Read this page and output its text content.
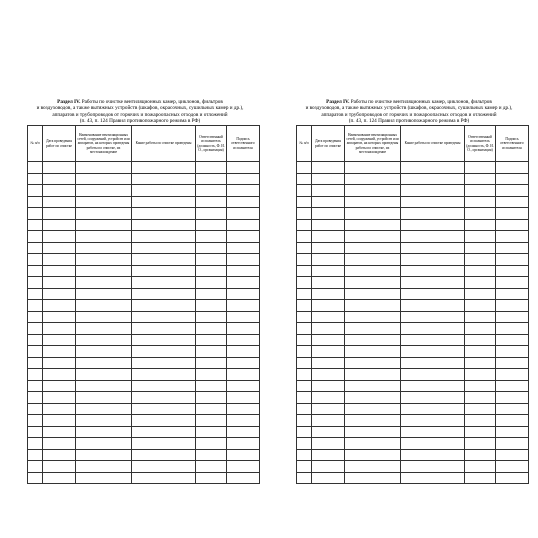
Раздел IV. Работы по очистке вентиляционных камер, циклонов, фильтров
и воздуховодов, а также вытяжных устройств (шкафов, окрасочных, сушильных камер и др.),
аппаратов и трубопроводов от горючих и пожароопасных отходов и отложений
(п. 43, п. 124 Правил противопожарного режима в РФ)
№ п/п	Дата проведения работ по очистке	Наименование вентиляционных сетей, сооружений, устройств или аппаратов, на которых проведены работы по очистке, их местонахождение	Какие работы по очистке проведены	Ответственный исполнитель (должность, Ф. И. О., организация)	Подпись ответственного исполнителя

Раздел IV. Работы по очистке вентиляционных камер, циклонов, фильтров
и воздуховодов, а также вытяжных устройств (шкафов, окрасочных, сушильных камер и др.),
аппаратов и трубопроводов от горючих и пожароопасных отходов и отложений
(п. 43, п. 124 Правил противопожарного режима в РФ)
№ п/п	Дата проведения работ по очистке	Наименование вентиляционных сетей, сооружений, устройств или аппаратов, на которых проведены работы по очистке, их местонахождение	Какие работы по очистке проведены	Ответственный исполнитель (должность, Ф. И. О., организация)	Подпись ответственного исполнителя
